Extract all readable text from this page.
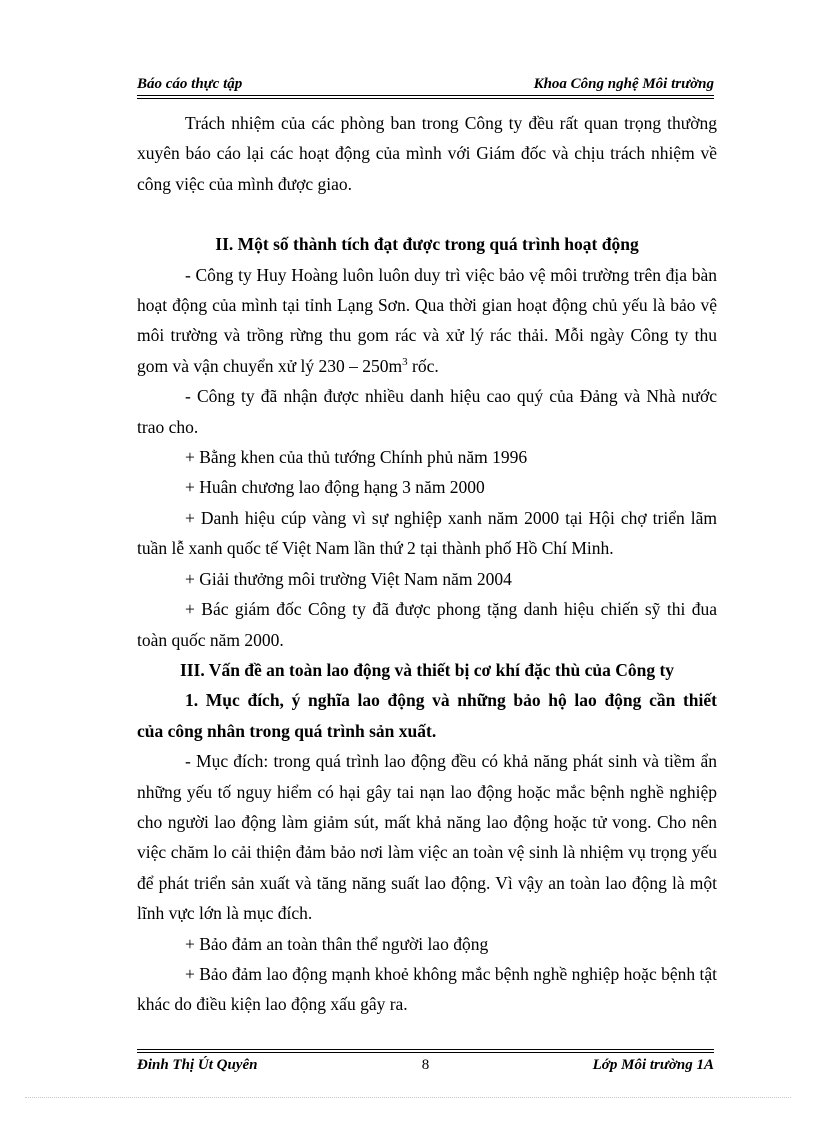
Báo cáo thực tập	Khoa Công nghệ Môi trường

Trách nhiệm của các phòng ban trong Công ty đều rất quan trọng thường xuyên báo cáo lại các hoạt động của mình với Giám đốc và chịu trách nhiệm về công việc của mình được giao.

II. Một số thành tích đạt được trong quá trình hoạt động

- Công ty Huy Hoàng luôn luôn duy trì việc bảo vệ môi trường trên địa bàn hoạt động của mình tại tỉnh Lạng Sơn. Qua thời gian hoạt động chủ yếu là bảo vệ môi trường và trồng rừng thu gom rác và xử lý rác thải. Mỗi ngày Công ty thu gom và vận chuyển xử lý $230 - 250m^3$ rốc.

- Công ty đã nhận được nhiều danh hiệu cao quý của Đảng và Nhà nước trao cho.

+ Bằng khen của thủ tướng Chính phủ năm 1996

+ Huân chương lao động hạng 3 năm 2000

+ Danh hiệu cúp vàng vì sự nghiệp xanh năm 2000 tại Hội chợ triển lãm tuần lễ xanh quốc tế Việt Nam lần thứ 2 tại thành phố Hồ Chí Minh.

+ Giải thưởng môi trường Việt Nam năm 2004

+ Bác giám đốc Công ty đã được phong tặng danh hiệu chiến sỹ thi đua toàn quốc năm 2000.

III. Vấn đề an toàn lao động và thiết bị cơ khí đặc thù của Công ty

1. Mục đích, ý nghĩa lao động và những bảo hộ lao động cần thiết

của công nhân trong quá trình sản xuất.

- Mục đích: trong quá trình lao động đều có khả năng phát sinh và tiềm ẩn những yếu tố nguy hiểm có hại gây tai nạn lao động hoặc mắc bệnh nghề nghiệp cho người lao động làm giảm sút, mất khả năng lao động hoặc tử vong. Cho nên việc chăm lo cải thiện đảm bảo nơi làm việc an toàn vệ sinh là nhiệm vụ trọng yếu để phát triển sản xuất và tăng năng suất lao động. Vì vậy an toàn lao động là một lĩnh vực lớn là mục đích.

+ Bảo đảm an toàn thân thể người lao động

+ Bảo đảm lao động mạnh khoẻ không mắc bệnh nghề nghiệp hoặc bệnh tật khác do điều kiện lao động xấu gây ra.

Đinh Thị Út Quyên	8	Lớp Môi trường 1A
